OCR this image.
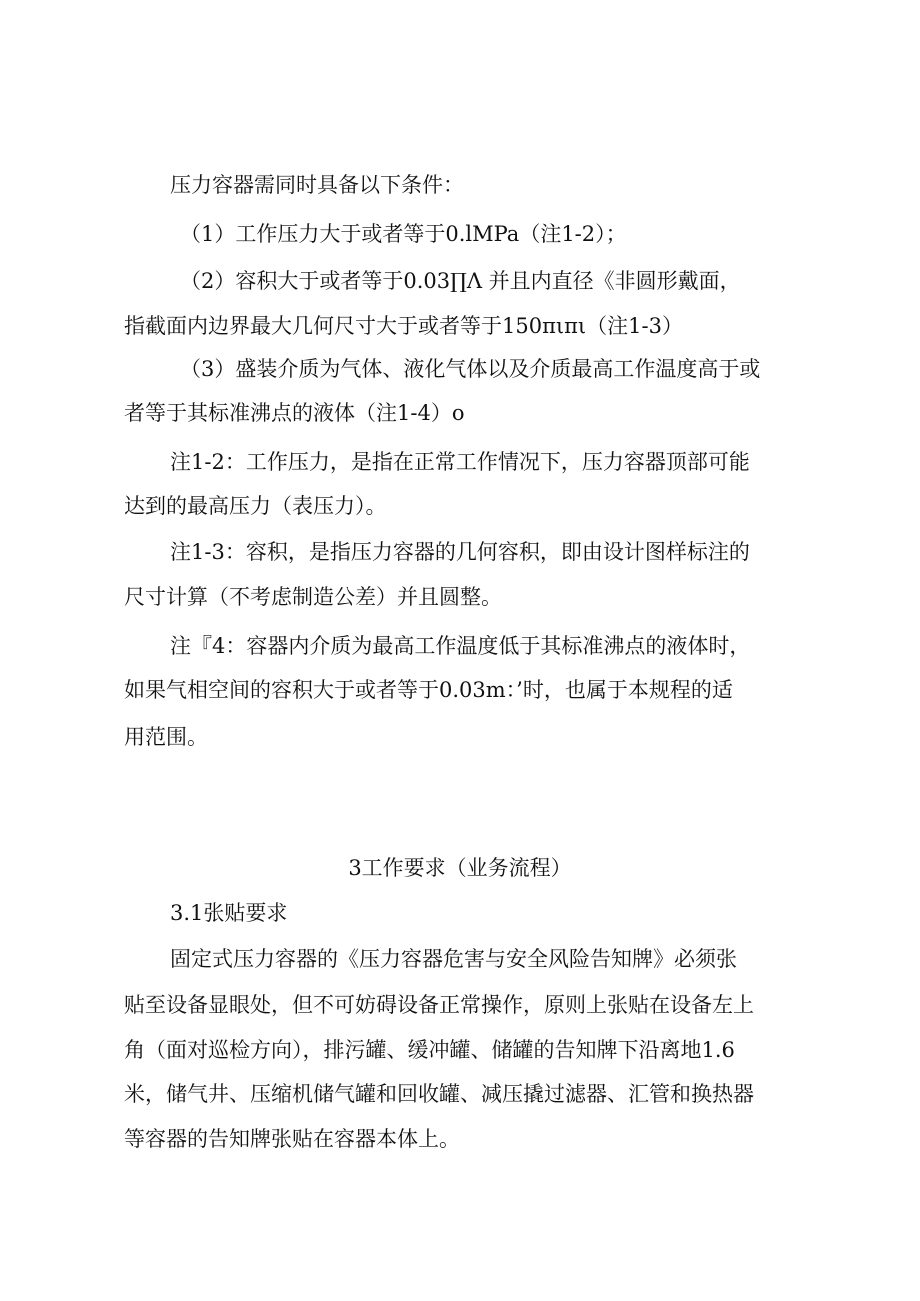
压力容器需同时具备以下条件：
（1）工作压力大于或者等于0.lMPa（注1-2）；
（2）容积大于或者等于0.03∏Λ 并且内直径《非圆形戴面，
指截面内边界最大几何尺寸大于或者等于150πιπι（注1-3）
（3）盛装介质为气体、液化气体以及介质最高工作温度高于或
者等于其标准沸点的液体（注1-4）o
注1-2：工作压力，是指在正常工作情况下，压力容器顶部可能
达到的最高压力（表压力）。
注1-3：容积，是指压力容器的几何容积，即由设计图样标注的
尺寸计算（不考虑制造公差）并且圆整。
注『4：容器内介质为最高工作温度低于其标准沸点的液体时，
如果气相空间的容积大于或者等于0.03m：’时，也属于本规程的适
用范围。
3工作要求（业务流程）
3.1张贴要求
固定式压力容器的《压力容器危害与安全风险告知牌》必须张
贴至设备显眼处，但不可妨碍设备正常操作，原则上张贴在设备左上
角（面对巡检方向），排污罐、缓冲罐、储罐的告知牌下沿离地1.6
米，储气井、压缩机储气罐和回收罐、减压撬过滤器、汇管和换热器
等容器的告知牌张贴在容器本体上。
